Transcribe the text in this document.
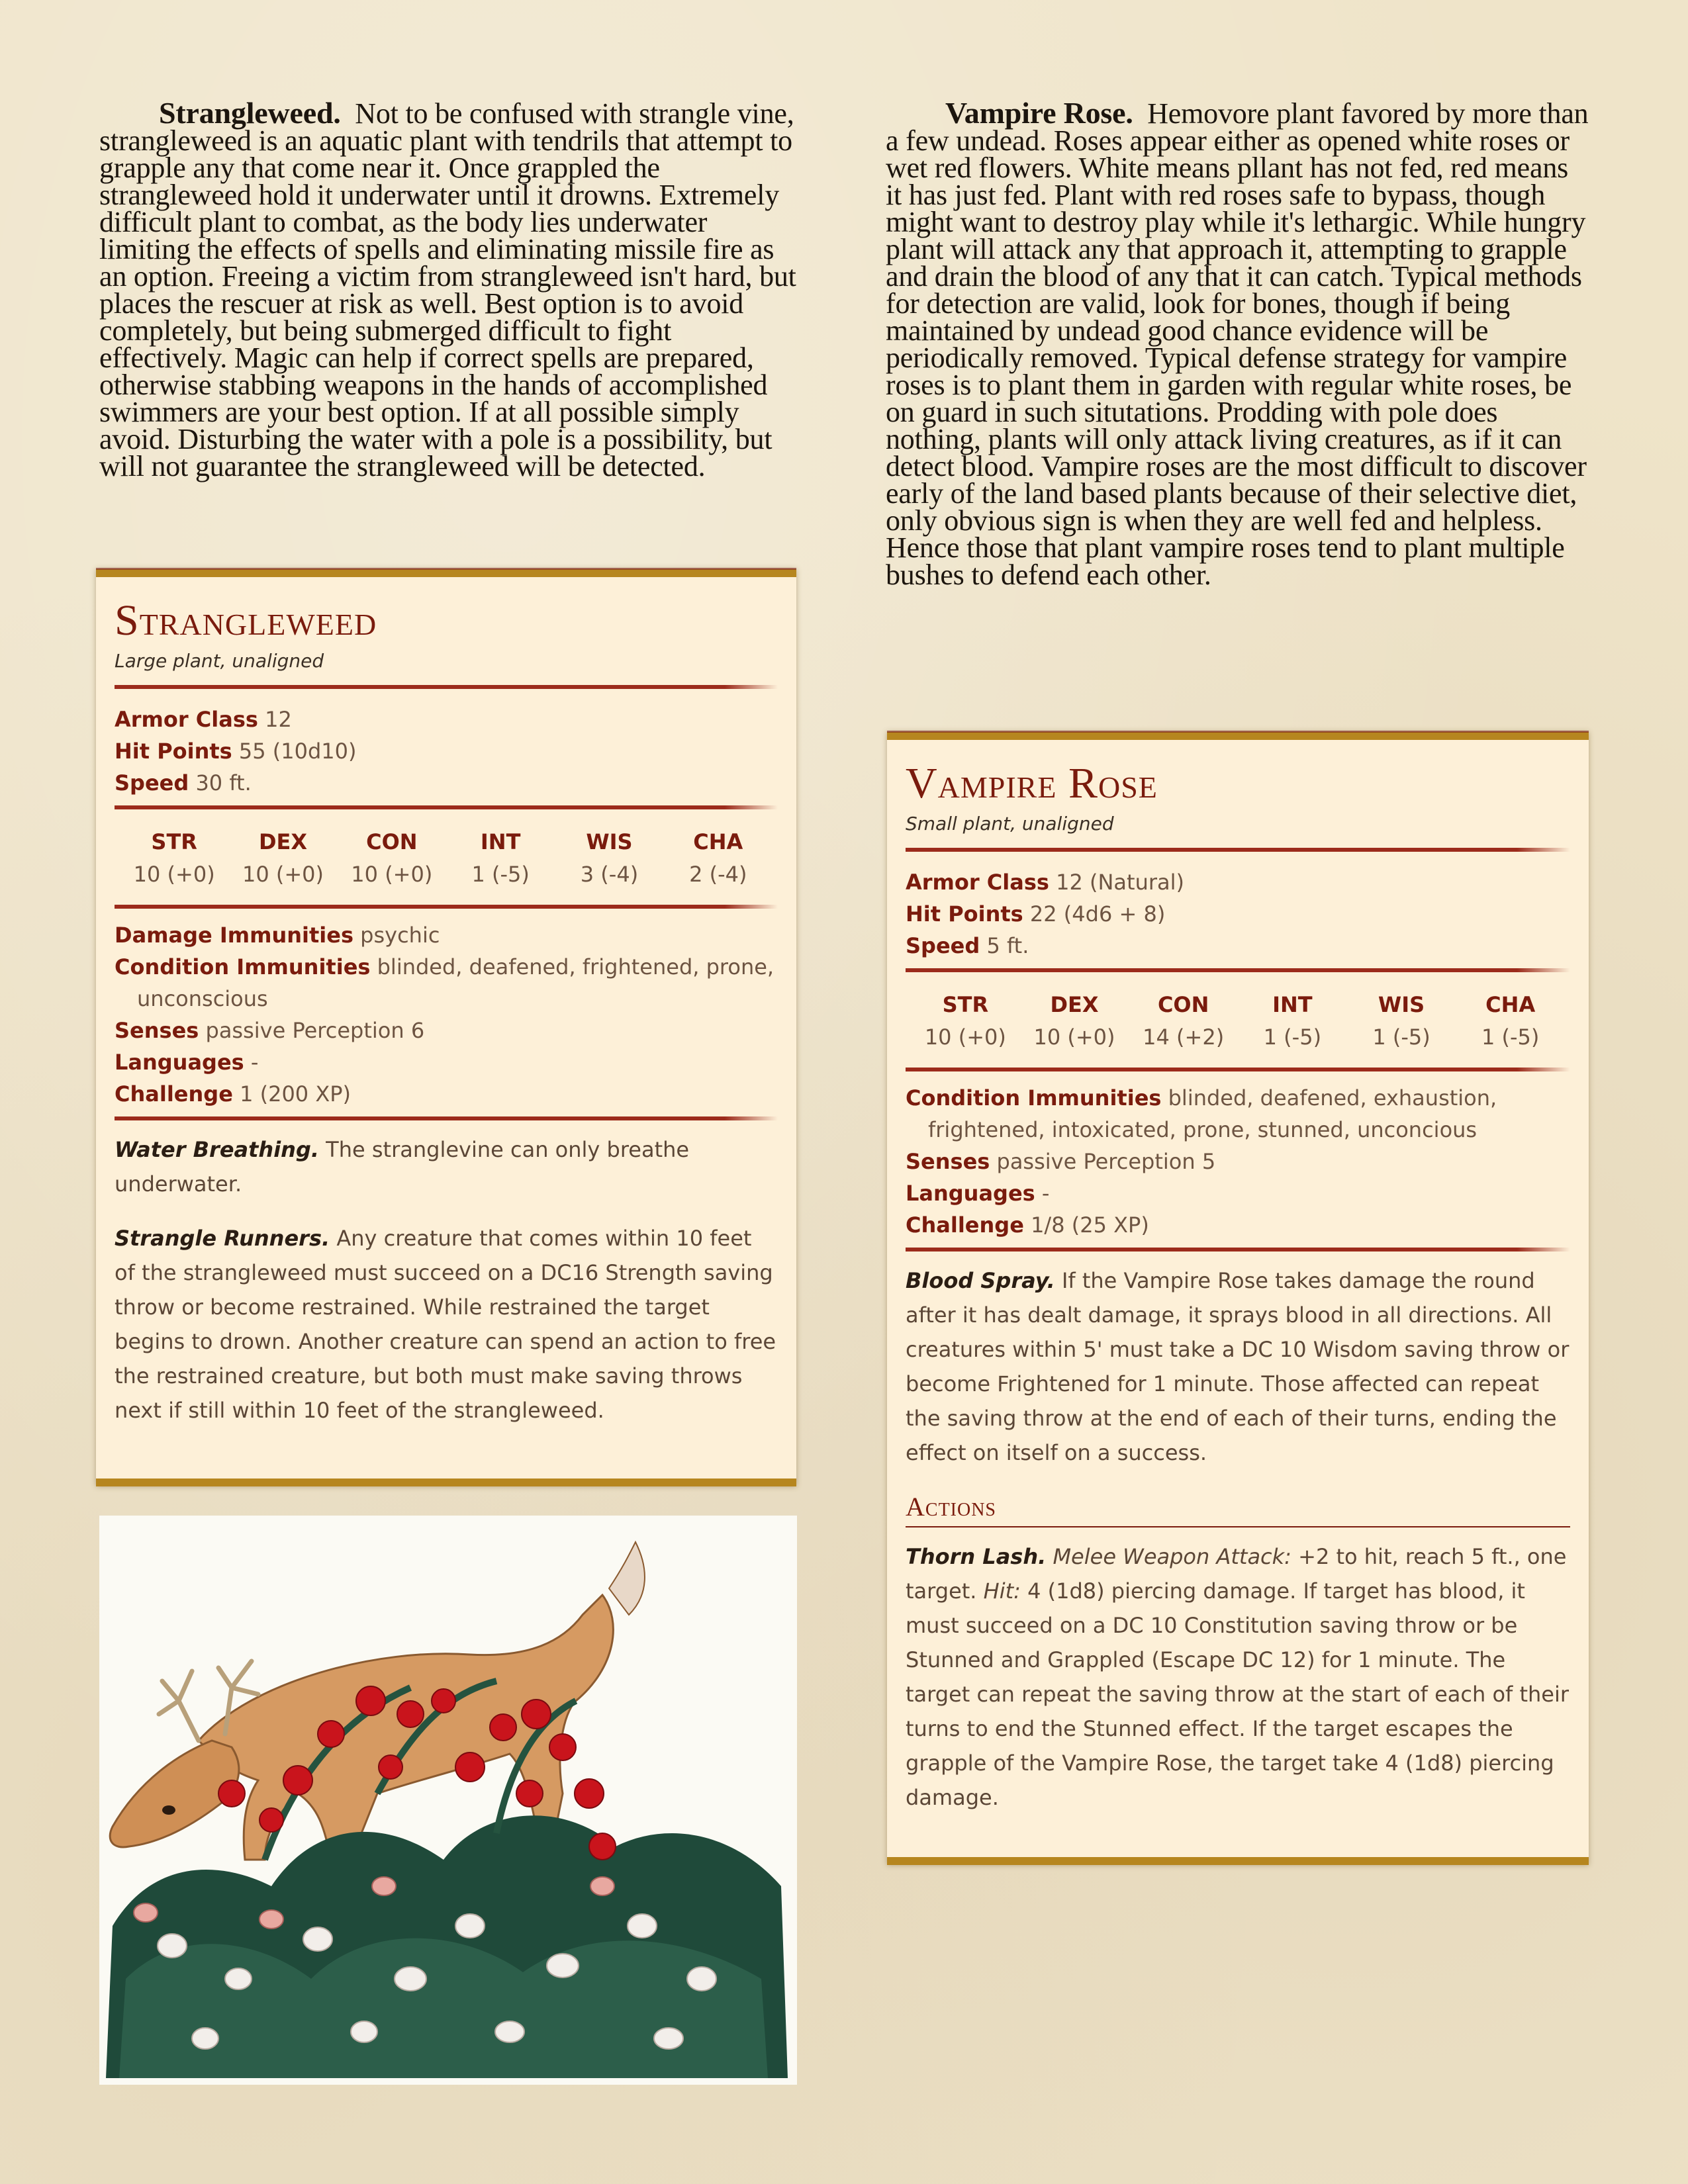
Strangleweed. Not to be confused with strangle vine, strangleweed is an aquatic plant with tendrils that attempt to grapple any that come near it. Once grappled the strangleweed hold it underwater until it drowns. Extremely difficult plant to combat, as the body lies underwater limiting the effects of spells and eliminating missile fire as an option. Freeing a victim from strangleweed isn't hard, but places the rescuer at risk as well. Best option is to avoid completely, but being submerged difficult to fight effectively. Magic can help if correct spells are prepared, otherwise stabbing weapons in the hands of accomplished swimmers are your best option. If at all possible simply avoid. Disturbing the water with a pole is a possibility, but will not guarantee the strangleweed will be detected.

Vampire Rose. Hemovore plant favored by more than a few undead. Roses appear either as opened white roses or wet red flowers. White means pllant has not fed, red means it has just fed. Plant with red roses safe to bypass, though might want to destroy play while it's lethargic. While hungry plant will attack any that approach it, attempting to grapple and drain the blood of any that it can catch. Typical methods for detection are valid, look for bones, though if being maintained by undead good chance evidence will be periodically removed. Typical defense strategy for vampire roses is to plant them in garden with regular white roses, be on guard in such situtations. Prodding with pole does nothing, plants will only attack living creatures, as if it can detect blood. Vampire roses are the most difficult to discover early of the land based plants because of their selective diet, only obvious sign is when they are well fed and helpless. Hence those that plant vampire roses tend to plant multiple bushes to defend each other.

Strangleweed
Large plant, unaligned
Armor Class 12
Hit Points 55 (10d10)
Speed 30 ft.
STR
10 (+0)
DEX
10 (+0)
CON
10 (+0)
INT
1 (-5)
WIS
3 (-4)
CHA
2 (-4)
Damage Immunities psychic
Condition Immunities blinded, deafened, frightened, prone, unconscious
Senses passive Perception 6
Languages -
Challenge 1 (200 XP)
Water Breathing. The stranglevine can only breathe underwater.
Strangle Runners. Any creature that comes within 10 feet of the strangleweed must succeed on a DC16 Strength saving throw or become restrained. While restrained the target begins to drown. Another creature can spend an action to free the restrained creature, but both must make saving throws next if still within 10 feet of the strangleweed.
Vampire Rose
Small plant, unaligned
Armor Class 12 (Natural)
Hit Points 22 (4d6 + 8)
Speed 5 ft.
STR
10 (+0)
DEX
10 (+0)
CON
14 (+2)
INT
1 (-5)
WIS
1 (-5)
CHA
1 (-5)
Condition Immunities blinded, deafened, exhaustion, frightened, intoxicated, prone, stunned, unconcious
Senses passive Perception 5
Languages -
Challenge 1/8 (25 XP)
Blood Spray. If the Vampire Rose takes damage the round after it has dealt damage, it sprays blood in all directions. All creatures within 5' must take a DC 10 Wisdom saving throw or become Frightened for 1 minute. Those affected can repeat the saving throw at the end of each of their turns, ending the effect on itself on a success.
Actions
Thorn Lash. Melee Weapon Attack: +2 to hit, reach 5 ft., one target. Hit: 4 (1d8) piercing damage. If target has blood, it must succeed on a DC 10 Constitution saving throw or be Stunned and Grappled (Escape DC 12) for 1 minute. The target can repeat the saving throw at the start of each of their turns to end the Stunned effect. If the target escapes the grapple of the Vampire Rose, the target take 4 (1d8) piercing damage.
